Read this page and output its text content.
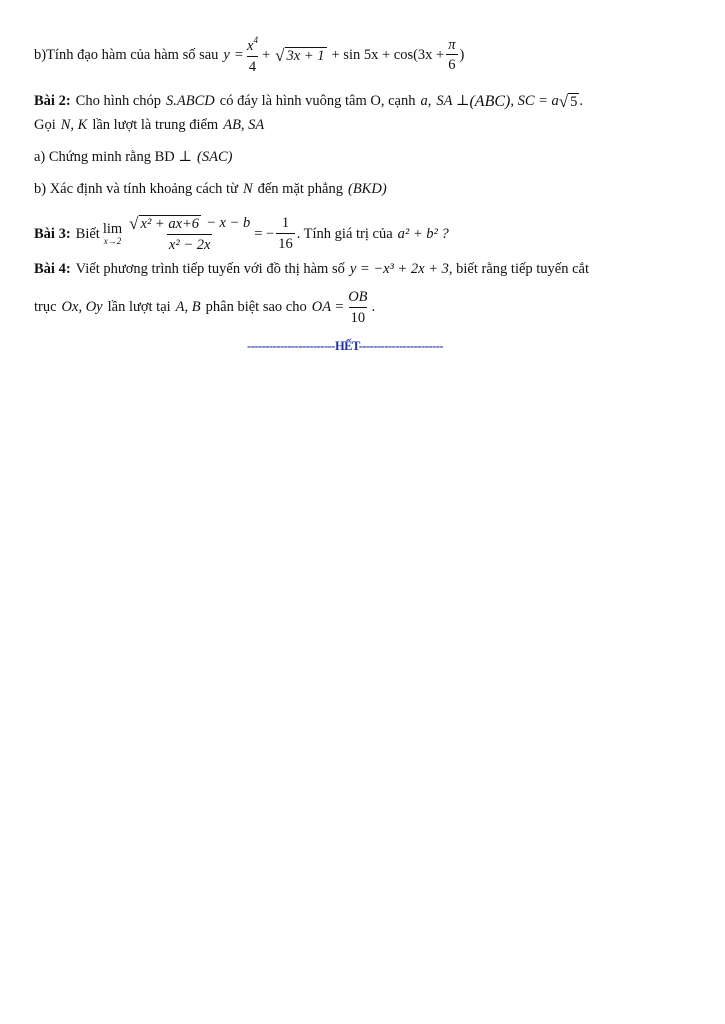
b)Tính đạo hàm của hàm số sau $y = \frac{x^4}{4}$ + √ $3x + 1 + \sin 5x + \cos(3x + \frac{\pi}{6}$ )
Bài 2: Cho hình chóp S.ABCD có đáy là hình vuông tâm O, cạnh a , SA ⊥ (ABC) , SC = a √ 5 .
Gọi N, K lần lượt là trung điểm AB, SA
a) Chứng minh rằng BD ⊥ (SAC)
b) Xác định và tính khoảng cách từ N đến mặt phẳng (BKD)
Bài 3: Biết lim
$x\to 2 \frac{\text{√ x² + ax+6 − x − b}}{\text{x² − 2x}}$ = − $\frac{1}{16}$ . Tính giá trị của a² + b² ?
Bài 4: Viết phương trình tiếp tuyến với đồ thị hàm số y = −x³ + 2x + 3 , biết rằng tiếp tuyến cắt
trục Ox, Oy lần lượt tại A, B phân biệt sao cho OA = $\frac{OB}{10}$ .
------------------------HẾT-----------------------
